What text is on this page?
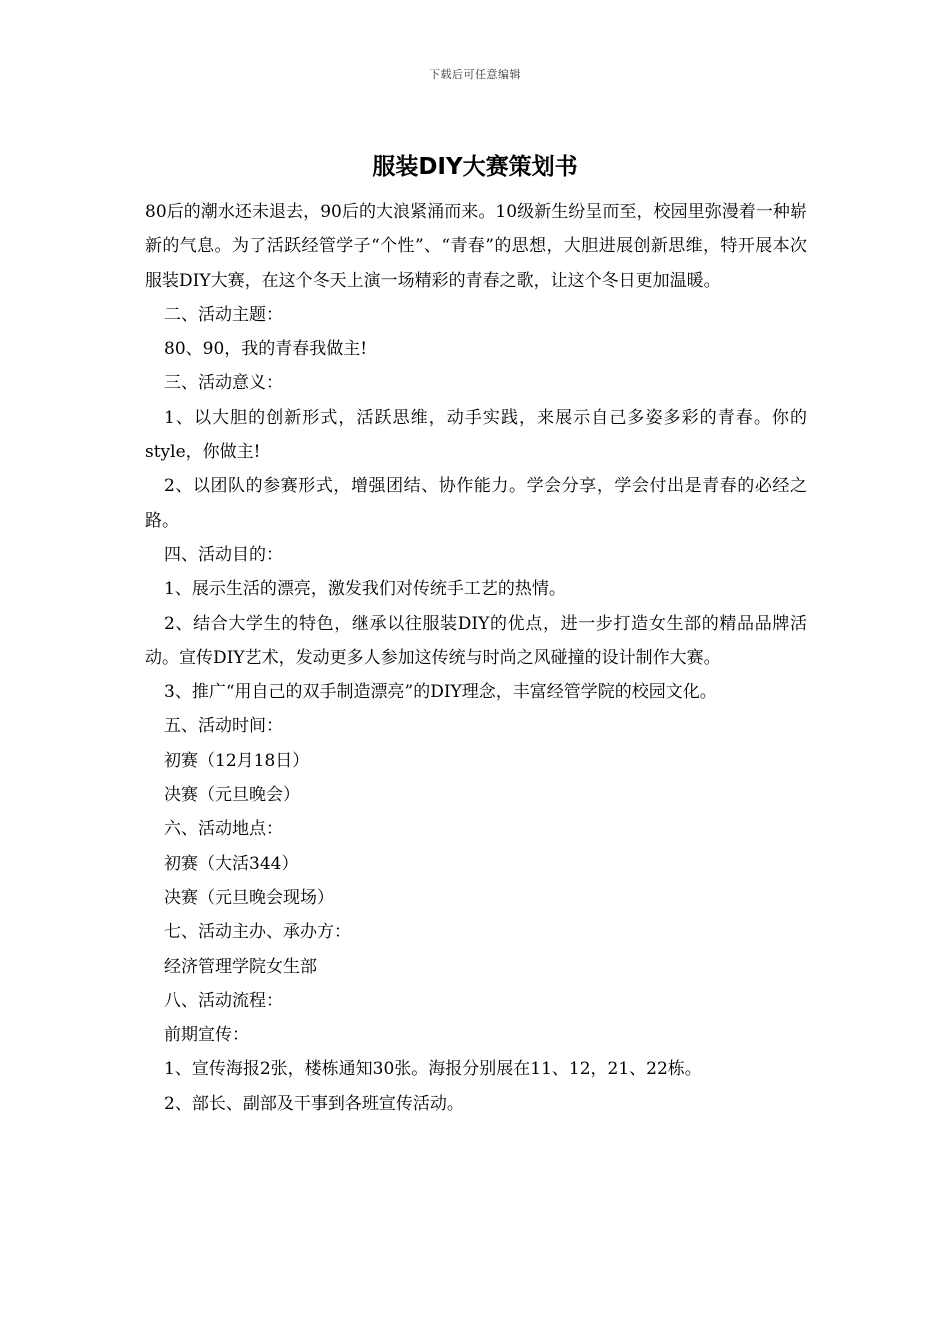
下载后可任意编辑
服装DIY大赛策划书

80后的潮水还未退去，90后的大浪紧涌而来。10级新生纷呈而至，校园里弥漫着一种崭新的气息。为了活跃经管学子“个性”、“青春”的思想，大胆进展创新思维，特开展本次服装DIY大赛，在这个冬天上演一场精彩的青春之歌，让这个冬日更加温暖。

二、活动主题：

80、90，我的青春我做主!

三、活动意义：

1、以大胆的创新形式，活跃思维，动手实践，来展示自己多姿多彩的青春。你的style，你做主!

2、以团队的参赛形式，增强团结、协作能力。学会分享，学会付出是青春的必经之路。

四、活动目的：

1、展示生活的漂亮，激发我们对传统手工艺的热情。

2、结合大学生的特色，继承以往服装DIY的优点，进一步打造女生部的精品品牌活动。宣传DIY艺术，发动更多人参加这传统与时尚之风碰撞的设计制作大赛。

3、推广“用自己的双手制造漂亮”的DIY理念，丰富经管学院的校园文化。

五、活动时间：

初赛（12月18日）

决赛（元旦晚会）

六、活动地点：

初赛（大活344）

决赛（元旦晚会现场）

七、活动主办、承办方：

经济管理学院女生部

八、活动流程：

前期宣传：

1、宣传海报2张，楼栋通知30张。海报分别展在11、12，21、22栋。

2、部长、副部及干事到各班宣传活动。
